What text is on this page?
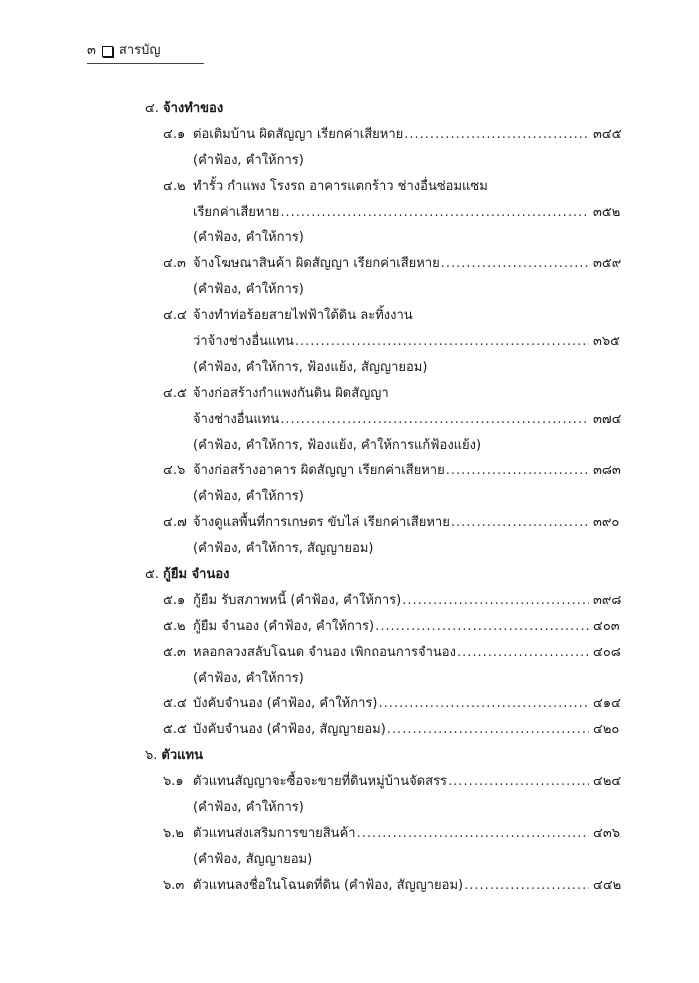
๓ สารบัญ
๔. จ้างทำของ
๔.๑ ต่อเติมบ้าน ผิดสัญญา เรียกค่าเสียหาย .....	๓๔๕
(คำฟ้อง, คำให้การ)
๔.๒ ทำรั้ว กำแพง โรงรถ อาคารแตกร้าว ช่างอื่นซ่อมแซม
เรียกค่าเสียหาย .....	๓๕๒
(คำฟ้อง, คำให้การ)
๔.๓ จ้างโฆษณาสินค้า ผิดสัญญา เรียกค่าเสียหาย .....	๓๕๙
(คำฟ้อง, คำให้การ)
๔.๔ จ้างทำท่อร้อยสายไฟฟ้าใต้ดิน ละทิ้งงาน
ว่าจ้างช่างอื่นแทน .....	๓๖๕
(คำฟ้อง, คำให้การ, ฟ้องแย้ง, สัญญายอม)
๔.๕ จ้างก่อสร้างกำแพงกันดิน ผิดสัญญา
จ้างช่างอื่นแทน .....	๓๗๔
(คำฟ้อง, คำให้การ, ฟ้องแย้ง, คำให้การแก้ฟ้องแย้ง)
๔.๖ จ้างก่อสร้างอาคาร ผิดสัญญา เรียกค่าเสียหาย .....	๓๘๓
(คำฟ้อง, คำให้การ)
๔.๗ จ้างดูแลพื้นที่การเกษตร ขับไล่ เรียกค่าเสียหาย .....	๓๙๐
(คำฟ้อง, คำให้การ, สัญญายอม)
๕. กู้ยืม จำนอง
๕.๑ กู้ยืม รับสภาพหนี้ (คำฟ้อง, คำให้การ) .....	๓๙๘
๕.๒ กู้ยืม จำนอง (คำฟ้อง, คำให้การ) .....	๔๐๓
๕.๓ หลอกลวงสลับโฉนด จำนอง เพิกถอนการจำนอง .....	๔๐๘
(คำฟ้อง, คำให้การ)
๕.๔ บังคับจำนอง (คำฟ้อง, คำให้การ) .....	๔๑๔
๕.๕ บังคับจำนอง (คำฟ้อง, สัญญายอม) .....	๔๒๐
๖. ตัวแทน
๖.๑ ตัวแทนสัญญาจะซื้อจะขายที่ดินหมู่บ้านจัดสรร .....	๔๒๔
(คำฟ้อง, คำให้การ)
๖.๒ ตัวแทนส่งเสริมการขายสินค้า .....	๔๓๖
(คำฟ้อง, สัญญายอม)
๖.๓ ตัวแทนลงชื่อในโฉนดที่ดิน (คำฟ้อง, สัญญายอม) .....	๔๔๒
